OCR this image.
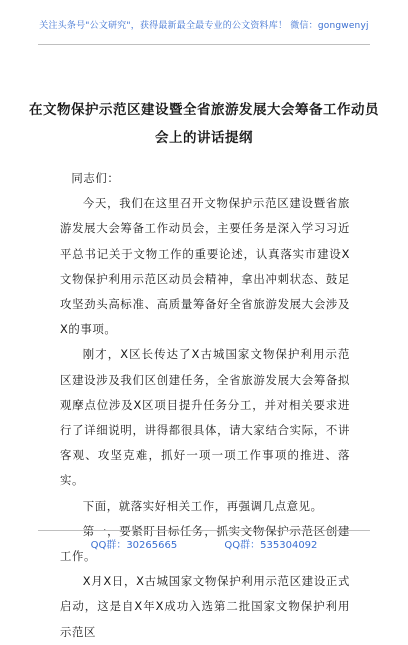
关注头条号"公文研究"，获得最新最全最专业的公文资料库！ 微信：gongwenyj
在文物保护示范区建设暨全省旅游发展大会筹备工作动员
会上的讲话提纲

同志们：

今天，我们在这里召开文物保护示范区建设暨省旅游发展大会筹备工作动员会，主要任务是深入学习习近平总书记关于文物工作的重要论述，认真落实市建设X文物保护利用示范区动员会精神，拿出冲刺状态、鼓足攻坚劲头高标准、高质量筹备好全省旅游发展大会涉及X的事项。

刚才，X区长传达了X古城国家文物保护利用示范区建设涉及我们区创建任务，全省旅游发展大会筹备拟观摩点位涉及X区项目提升任务分工，并对相关要求进行了详细说明，讲得都很具体，请大家结合实际，不讲客观、攻坚克难，抓好一项一项工作事项的推进、落实。

下面，就落实好相关工作，再强调几点意见。

工作。

X月X日，X古城国家文物保护利用示范区建设正式启动，这是自X年X成功入选第二批国家文物保护利用示范区

QQ群：30265665	QQ群：535304092
